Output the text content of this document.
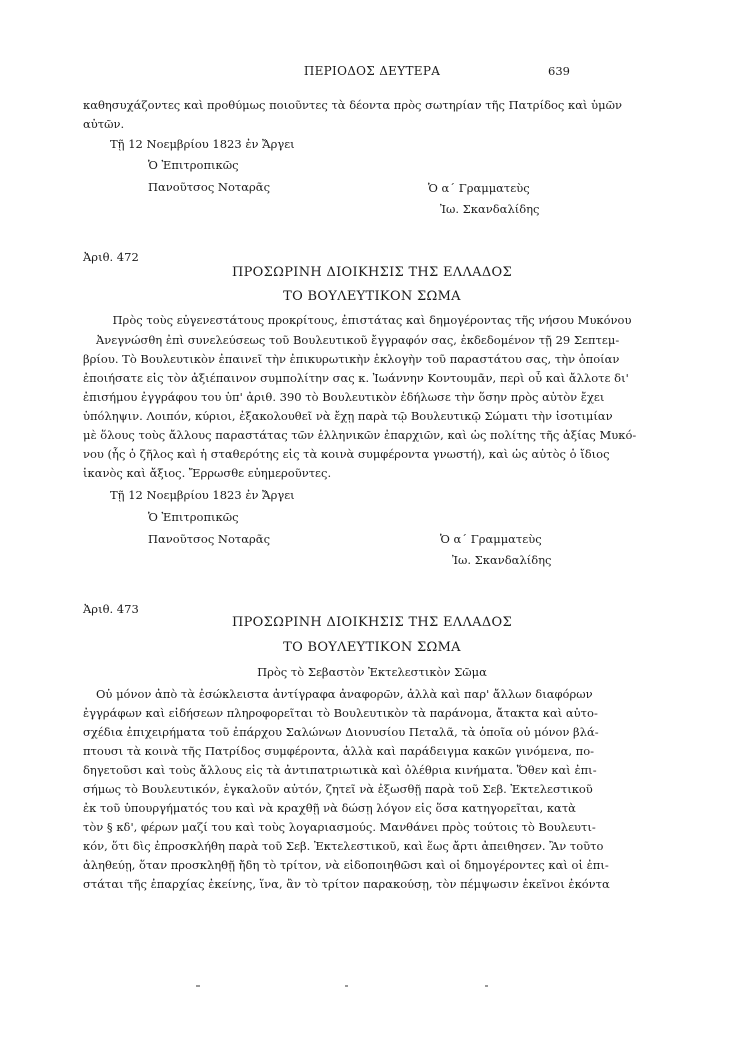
ΠΕΡΙΟΔΟΣ ΔΕΥΤΕΡΑ	639
καθησυχάζοντες καὶ προθύμως ποιοῦντες τὰ δέοντα πρὸς σωτηρίαν τῆς Πατρίδος καὶ ὑμῶν
αὐτῶν.
Τῇ 12 Νοεμβρίου 1823 ἐν Ἄργει
Ὁ Ἐπιτροπικῶς
Πανοῦτσος Νοταρᾶς	Ὁ α΄ Γραμματεὺς
Ἰω. Σκανδαλίδης
Ἀριθ. 472
ΠΡΟΣΩΡΙΝΗ ΔΙΟΙΚΗΣΙΣ ΤΗΣ ΕΛΛΑΔΟΣ
ΤΟ ΒΟΥΛΕΥΤΙΚΟΝ ΣΩΜΑ
Πρὸς τοὺς εὐγενεστάτους προκρίτους, ἐπιστάτας καὶ δημογέροντας τῆς νήσου Μυκόνου
Ἀνεγνώσθη ἐπὶ συνελεύσεως τοῦ Βουλευτικοῦ ἔγγραφόν σας, ἐκδεδομένον τῇ 29 Σεπτεμ-
βρίου. Τὸ Βουλευτικὸν ἐπαινεῖ τὴν ἐπικυρωτικὴν ἐκλογὴν τοῦ παραστάτου σας, τὴν ὁποίαν
ἐποιήσατε εἰς τὸν ἀξιέπαινον συμπολίτην σας κ. Ἰωάννην Κοντουμᾶν, περὶ οὗ καὶ ἄλλοτε δι'
ἐπισήμου ἐγγράφου του ὑπ' ἀριθ. 390 τὸ Βουλευτικὸν ἐδήλωσε τὴν ὅσην πρὸς αὐτὸν ἔχει
ὑπόληψιν. Λοιπόν, κύριοι, ἐξακολουθεῖ νὰ ἔχῃ παρὰ τῷ Βουλευτικῷ Σώματι τὴν ἰσοτιμίαν
μὲ ὅλους τοὺς ἄλλους παραστάτας τῶν ἑλληνικῶν ἐπαρχιῶν, καὶ ὡς πολίτης τῆς ἀξίας Μυκό-
νου (ἧς ὁ ζῆλος καὶ ἡ σταθερότης εἰς τὰ κοινὰ συμφέροντα γνωστή), καὶ ὡς αὐτὸς ὁ ἴδιος
ἱκανὸς καὶ ἄξιος. Ἔρρωσθε εὐημεροῦντες.
Τῇ 12 Νοεμβρίου 1823 ἐν Ἄργει
Ὁ Ἐπιτροπικῶς
Πανοῦτσος Νοταρᾶς	Ὁ α΄ Γραμματεὺς
Ἰω. Σκανδαλίδης
Ἀριθ. 473
ΠΡΟΣΩΡΙΝΗ ΔΙΟΙΚΗΣΙΣ ΤΗΣ ΕΛΛΑΔΟΣ
ΤΟ ΒΟΥΛΕΥΤΙΚΟΝ ΣΩΜΑ
Πρὸς τὸ Σεβαστὸν Ἐκτελεστικὸν Σῶμα
Οὐ μόνον ἀπὸ τὰ ἐσώκλειστα ἀντίγραφα ἀναφορῶν, ἀλλὰ καὶ παρ' ἄλλων διαφόρων
ἐγγράφων καὶ εἰδήσεων πληροφορεῖται τὸ Βουλευτικὸν τὰ παράνομα, ἄτακτα καὶ αὐτο-
σχέδια ἐπιχειρήματα τοῦ ἐπάρχου Σαλώνων Διονυσίου Πεταλᾶ, τὰ ὁποῖα οὐ μόνον βλά-
πτουσι τὰ κοινὰ τῆς Πατρίδος συμφέροντα, ἀλλὰ καὶ παράδειγμα κακῶν γινόμενα, πο-
δηγετοῦσι καὶ τοὺς ἄλλους εἰς τὰ ἀντιπατριωτικὰ καὶ ὀλέθρια κινήματα. Ὅθεν καὶ ἐπι-
σήμως τὸ Βουλευτικόν, ἐγκαλοῦν αὐτόν, ζητεῖ νὰ ἐξωσθῇ παρὰ τοῦ Σεβ. Ἐκτελεστικοῦ
ἐκ τοῦ ὑπουργήματός του καὶ νὰ κραχθῇ νὰ δώσῃ λόγον εἰς ὅσα κατηγορεῖται, κατὰ
τὸν § κδ', φέρων μαζί του καὶ τοὺς λογαριασμούς. Μανθάνει πρὸς τούτοις τὸ Βουλευτι-
κόν, ὅτι δὶς ἐπροσκλήθη παρὰ τοῦ Σεβ. Ἐκτελεστικοῦ, καὶ ἕως ἄρτι ἀπειθησεν. Ἂν τοῦτο
ἀληθεύῃ, ὅταν προσκληθῇ ἤδη τὸ τρίτον, νὰ εἰδοποιηθῶσι καὶ οἱ δημογέροντες καὶ οἱ ἐπι-
στάται τῆς ἐπαρχίας ἐκείνης, ἵνα, ἂν τὸ τρίτον παρακούσῃ, τὸν πέμψωσιν ἐκεῖνοι ἐκόντα
